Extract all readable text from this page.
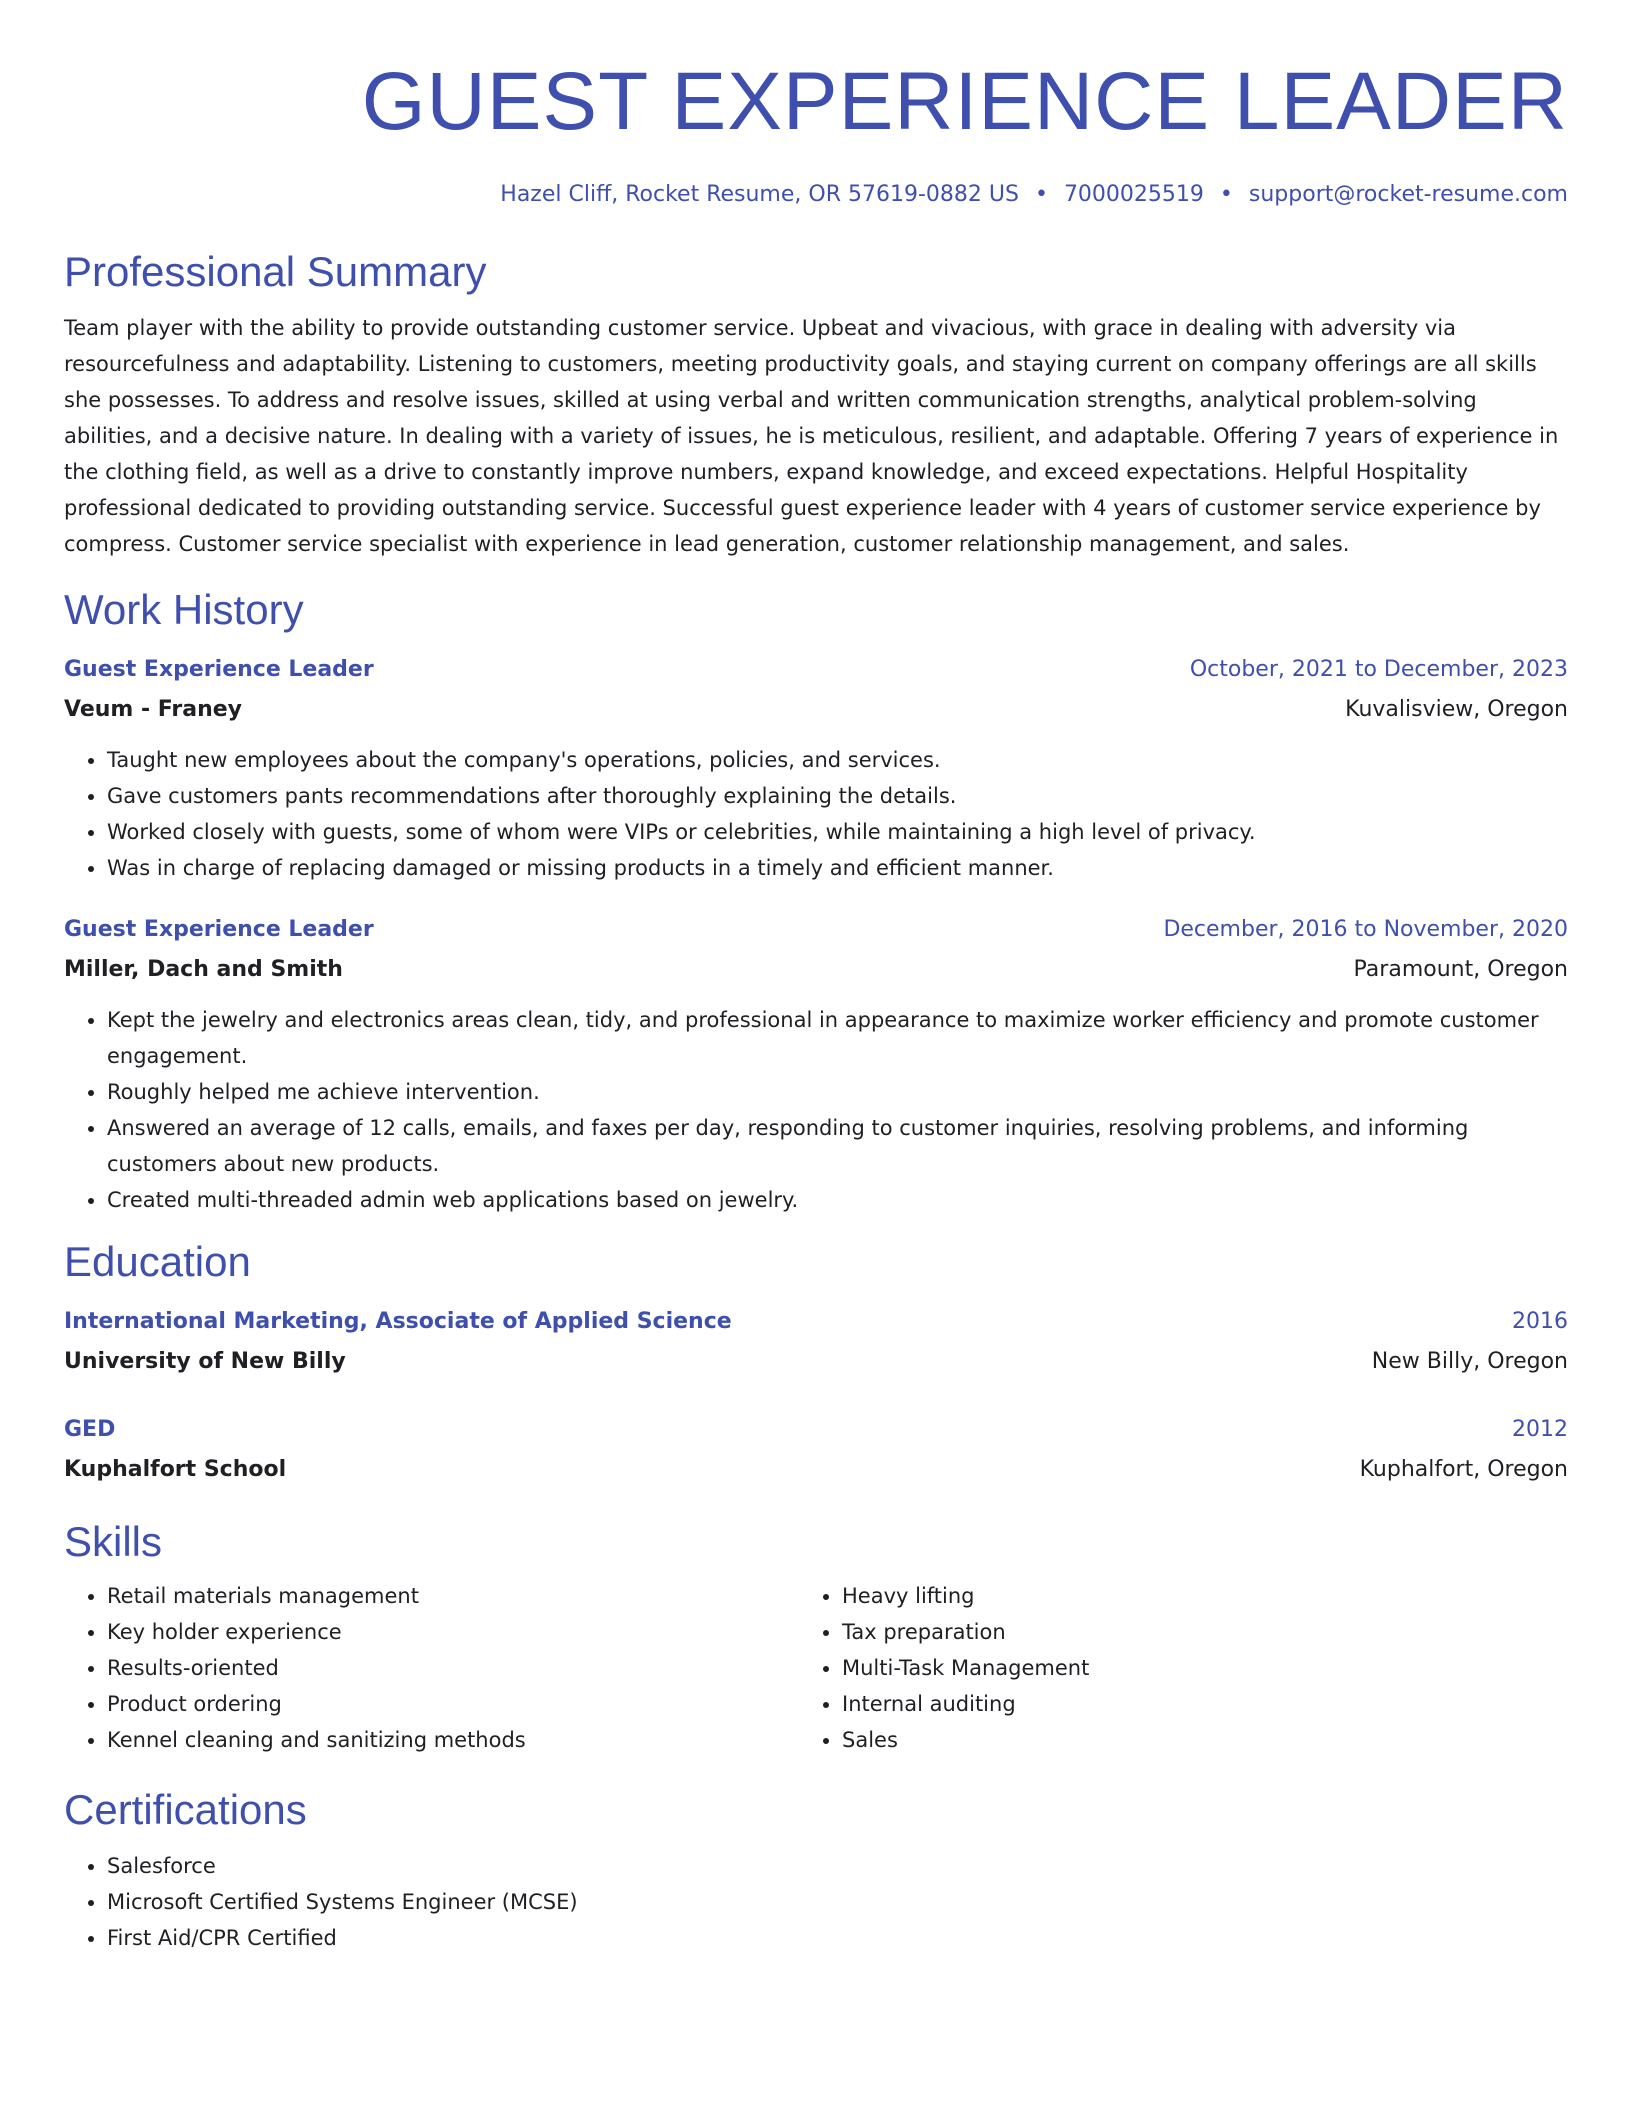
GUEST EXPERIENCE LEADER
Hazel Cliff, Rocket Resume, OR 57619-0882 US • 7000025519 • support@rocket-resume.com
Professional Summary
Team player with the ability to provide outstanding customer service. Upbeat and vivacious, with grace in dealing with adversity via resourcefulness and adaptability. Listening to customers, meeting productivity goals, and staying current on company offerings are all skills she possesses. To address and resolve issues, skilled at using verbal and written communication strengths, analytical problem-solving abilities, and a decisive nature. In dealing with a variety of issues, he is meticulous, resilient, and adaptable. Offering 7 years of experience in the clothing field, as well as a drive to constantly improve numbers, expand knowledge, and exceed expectations. Helpful Hospitality professional dedicated to providing outstanding service. Successful guest experience leader with 4 years of customer service experience by compress. Customer service specialist with experience in lead generation, customer relationship management, and sales.
Work History
Guest Experience Leader	October, 2021 to December, 2023
Veum - Franey	Kuvalisview, Oregon
• Taught new employees about the company's operations, policies, and services.
• Gave customers pants recommendations after thoroughly explaining the details.
• Worked closely with guests, some of whom were VIPs or celebrities, while maintaining a high level of privacy.
• Was in charge of replacing damaged or missing products in a timely and efficient manner.
Guest Experience Leader	December, 2016 to November, 2020
Miller, Dach and Smith	Paramount, Oregon
• Kept the jewelry and electronics areas clean, tidy, and professional in appearance to maximize worker efficiency and promote customer engagement.
• Roughly helped me achieve intervention.
• Answered an average of 12 calls, emails, and faxes per day, responding to customer inquiries, resolving problems, and informing customers about new products.
• Created multi-threaded admin web applications based on jewelry.
Education
International Marketing, Associate of Applied Science	2016
University of New Billy	New Billy, Oregon
GED	2012
Kuphalfort School	Kuphalfort, Oregon
Skills
• Retail materials management
• Key holder experience
• Results-oriented
• Product ordering
• Kennel cleaning and sanitizing methods
• Heavy lifting
• Tax preparation
• Multi-Task Management
• Internal auditing
• Sales
Certifications
• Salesforce
• Microsoft Certified Systems Engineer (MCSE)
• First Aid/CPR Certified
